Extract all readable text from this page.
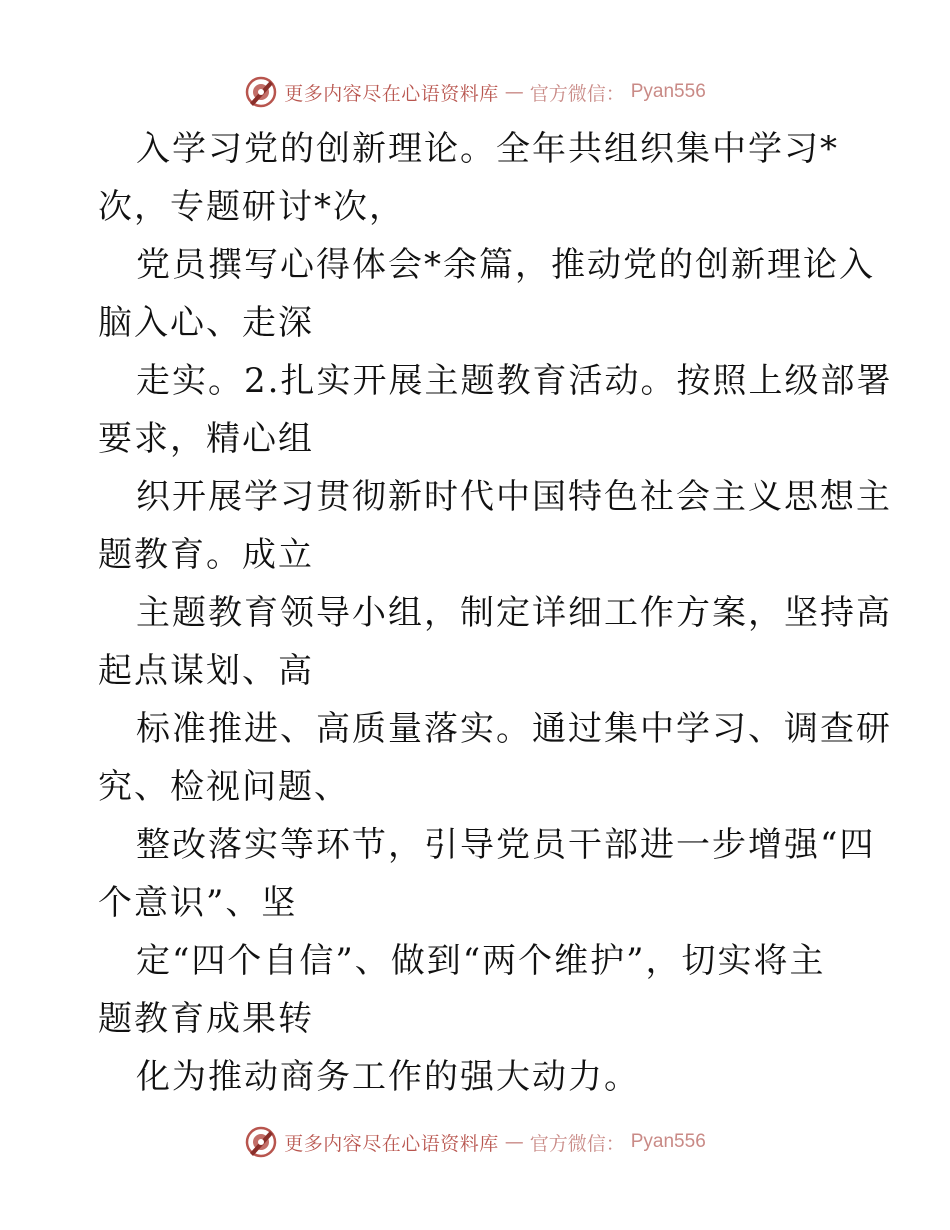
更多内容尽在心语资料库 — 官方微信： Pyan556
入学习党的创新理论。全年共组织集中学习*
次，专题研讨*次，
党员撰写心得体会*余篇，推动党的创新理论入
脑入心、走深
走实。2.扎实开展主题教育活动。按照上级部署
要求，精心组
织开展学习贯彻新时代中国特色社会主义思想主
题教育。成立
主题教育领导小组，制定详细工作方案，坚持高
起点谋划、高
标准推进、高质量落实。通过集中学习、调查研
究、检视问题、
整改落实等环节，引导党员干部进一步增强“四
个意识”、坚
定“四个自信”、做到“两个维护”，切实将主
题教育成果转
化为推动商务工作的强大动力。
更多内容尽在心语资料库 — 官方微信： Pyan556
